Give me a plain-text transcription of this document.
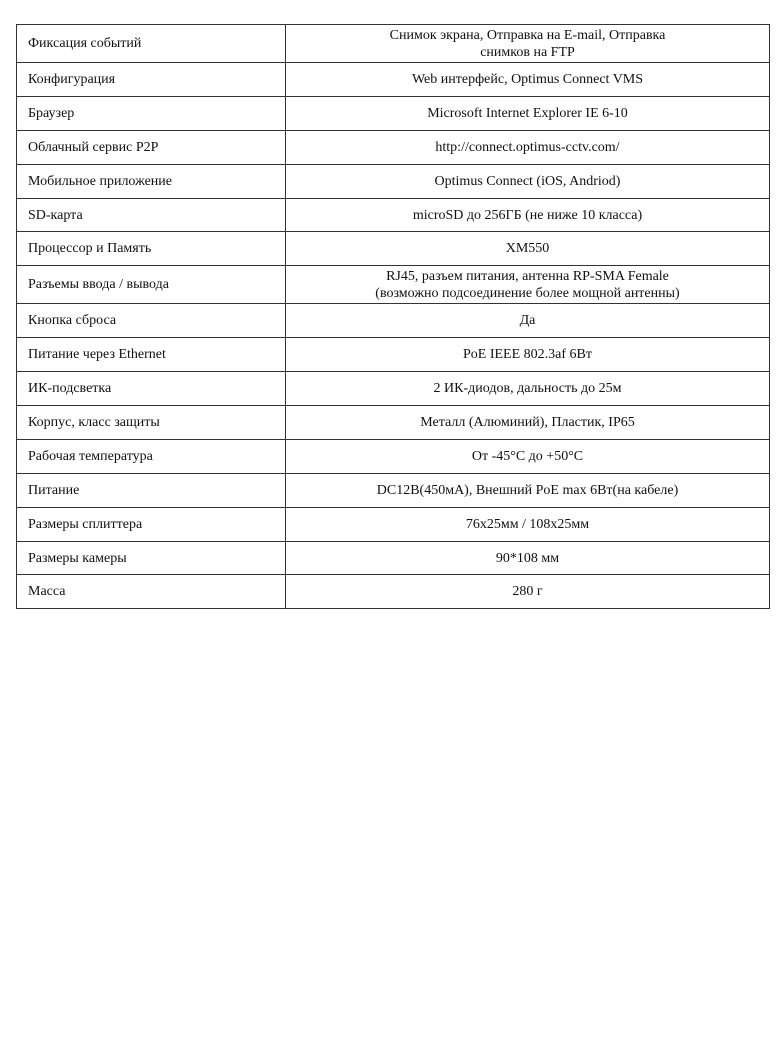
Фиксация событий	Снимок экрана, Отправка на E-mail, Отправка
снимков на FTP

Конфигурация	Web интерфейс, Optimus Connect VMS
Браузер	Microsoft Internet Explorer IE 6-10
Облачный сервис P2P	http://connect.optimus-cctv.com/
Мобильное приложение	Optimus Connect (iOS, Andriod)
SD-карта	microSD до 256ГБ (не ниже 10 класса)
Процессор и Память	XM550
Разъемы ввода / вывода	RJ45, разъем питания, антенна RP-SMA Female
(возможно подсоединение более мощной антенны)

Кнопка сброса	Да
Питание через Ethernet	PoE IEEE 802.3af 6Вт
ИК-подсветка	2 ИК-диодов, дальность до 25м
Корпус, класс защиты	Металл (Алюминий), Пластик, IP65
Рабочая температура	От -45°C до +50°C
Питание	DC12В(450мА), Внешний PoE max 6Вт(на кабеле)
Размеры сплиттера	76x25мм / 108x25мм
Размеры камеры	90*108 мм
Масса	280 г
